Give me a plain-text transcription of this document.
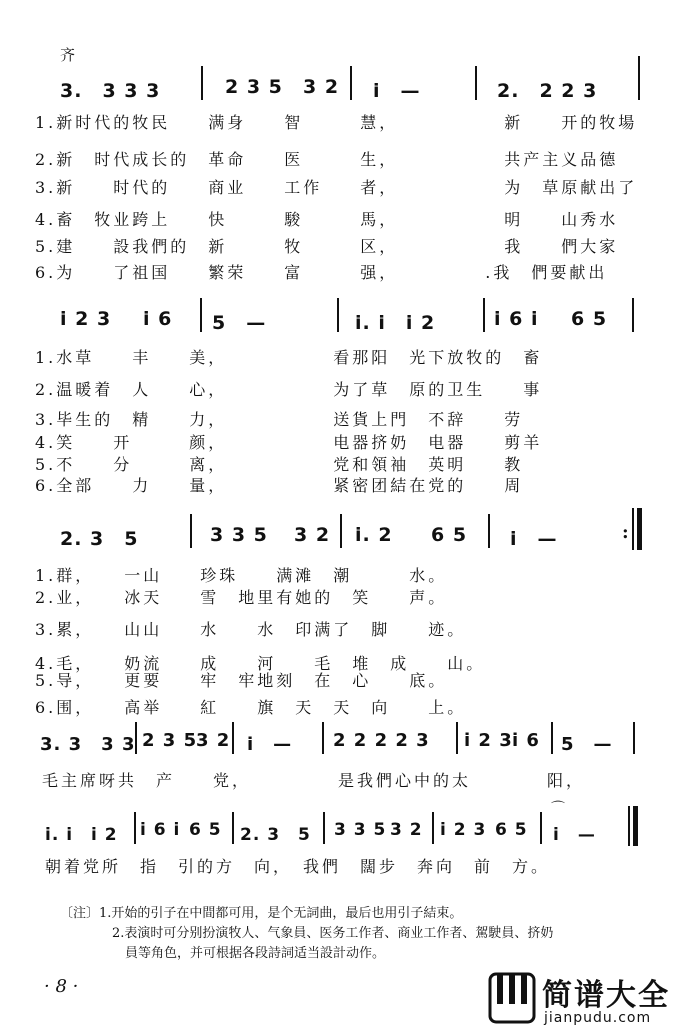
齐
3.　3 3 3	2 3 5 3 2 i　—	2.　2 2 3
1.新时代的牧民　　满身　　智　　　慧，　　　　　　新　　开的牧場
2.新　时代成长的　革命　　医　　　生，　　　　　　共产主义品德
3.新　　时代的　　商业　　工作　　者，　　　　　　为　草原献出了
4.畜　牧业跨上　　快　　　駿　　　馬，　　　　　　明　　山秀水
5.建　　設我們的　新　　　牧　　　区，　　　　　　我　　們大家
6.为　　了祖国　　繁荣　　富　　　强，　　　　　.我　們要献出
i 2 3 i 6 5　—	i. i　i 2	i 6 i 6 5
1.水草　　丰　　美，　　　　　　看那阳　光下放牧的　畜
2.温暖着　人　　心，　　　　　　为了草　原的卫生　　事
3.毕生的　精　　力，　　　　　　送貨上門　不辞　　劳
4.笑　　开　　　颜，　　　　　　电器挤奶　电器　　剪羊
5.不　　分　　　离，　　　　　　党和領袖　英明　　教
6.全部　　力　　量，　　　　　　紧密团結在党的　　周
2. 3　5	3 3 5 3 2 i. 2 6 5 i　—	:
1.群，　　一山　　珍珠　　满滩　潮　　　水。
2.业，　　冰天　　雪　地里有她的　笑　　声。
3.累，　　山山　　水　　水　印满了　脚　　迹。
4.毛，　　奶流　　成　　河　　毛　堆　成　　山。
5.导，　　更要　　牢　牢地刻　在　心　　底。
6.围，　　高举　　紅　　旗　天　天　向　　上。
3. 3　3 3 2 3 5
3 2 i　— 2 2 2 2 3 i 2 3 i 6 5　—
毛主席呀共　产　　党，　　　　　是我們心中的太　　　　阳，
i. i　i 2 i 6 i 6 5 2. 3　5 3 3 5 3 2 i 2 3 6 5 i　—
⌒
朝着党所　指　引的方　向，　我們　闊步　奔向　前　方。
〔注〕1.开始的引子在中間都可用，是个无詞曲，最后也用引子結束。
2.表演时可分别扮演牧人、气象員、医务工作者、商业工作者、駕駛員、挤奶
員等角色，并可根据各段詩詞适当設計动作。
· 8 ·	简谱大全
jianpudu.com
